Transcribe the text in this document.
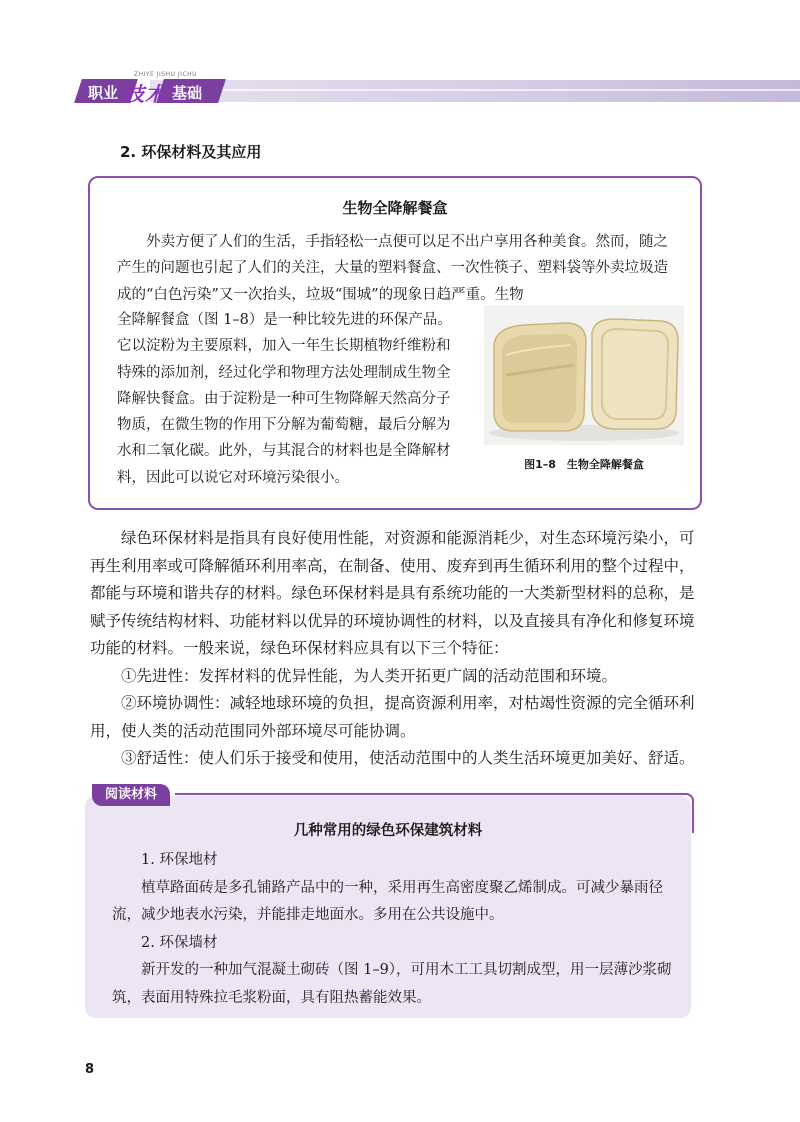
ZHIYE JISHU JICHU
职业 技术 基础
2. 环保材料及其应用
生物全降解餐盒
外卖方便了人们的生活，手指轻松一点便可以足不出户享用各种美食。然而，随之产生的问题也引起了人们的关注，大量的塑料餐盒、一次性筷子、塑料袋等外卖垃圾造成的“白色污染”又一次抬头，垃圾“围城”的现象日趋严重。生物
全降解餐盒（图 1–8）是一种比较先进的环保产品。它以淀粉为主要原料，加入一年生长期植物纤维粉和特殊的添加剂，经过化学和物理方法处理制成生物全降解快餐盒。由于淀粉是一种可生物降解天然高分子物质，在微生物的作用下分解为葡萄糖，最后分解为水和二氧化碳。此外，与其混合的材料也是全降解材料，因此可以说它对环境污染很小。
图1–8　生物全降解餐盒

绿色环保材料是指具有良好使用性能，对资源和能源消耗少，对生态环境污染小，可再生利用率或可降解循环利用率高，在制备、使用、废弃到再生循环利用的整个过程中，都能与环境和谐共存的材料。绿色环保材料是具有系统功能的一大类新型材料的总称，是赋予传统结构材料、功能材料以优异的环境协调性的材料，以及直接具有净化和修复环境功能的材料。一般来说，绿色环保材料应具有以下三个特征：

①先进性：发挥材料的优异性能，为人类开拓更广阔的活动范围和环境。

②环境协调性：减轻地球环境的负担，提高资源利用率，对枯竭性资源的完全循环利用，使人类的活动范围同外部环境尽可能协调。

③舒适性：使人们乐于接受和使用，使活动范围中的人类生活环境更加美好、舒适。

阅读材料
几种常用的绿色环保建筑材料

1. 环保地材

植草路面砖是多孔铺路产品中的一种，采用再生高密度聚乙烯制成。可减少暴雨径流，减少地表水污染，并能排走地面水。多用在公共设施中。

2. 环保墙材

新开发的一种加气混凝土砌砖（图 1–9），可用木工工具切割成型，用一层薄沙浆砌筑，表面用特殊拉毛浆粉面，具有阻热蓄能效果。

8
